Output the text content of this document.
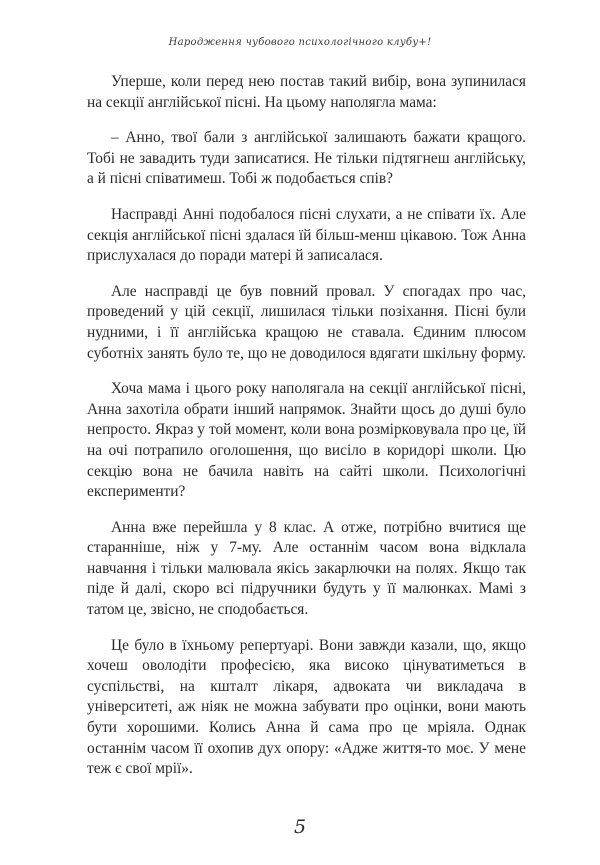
Народження чубового психологічного клубу+!

Уперше, коли перед нею постав такий вибір, вона зупинилася на секції англійської пісні. На цьому наполягла мама:

– Анно, твої бали з англійської залишають бажати кращого. Тобі не завадить туди записатися. Не тільки підтягнеш англійську, а й пісні співатимеш. Тобі ж подобається спів?

Насправді Анні подобалося пісні слухати, а не співати їх. Але секція англійської пісні здалася їй більш-менш цікавою. Тож Анна прислухалася до поради матері й записалася.

Але насправді це був повний провал. У спогадах про час, проведений у цій секції, лишилася тільки позіхання. Пісні були нудними, і її англійська кращою не ставала. Єдиним плюсом суботніх занять було те, що не доводилося вдягати шкільну форму.

Хоча мама і цього року наполягала на секції англійської пісні, Анна захотіла обрати інший напрямок. Знайти щось до душі було непросто. Якраз у той момент, коли вона розмірковувала про це, їй на очі потрапило оголошення, що висіло в коридорі школи. Цю секцію вона не бачила навіть на сайті школи. Психологічні експерименти?

Анна вже перейшла у 8 клас. А отже, потрібно вчитися ще старанніше, ніж у 7-му. Але останнім часом вона відклала навчання і тільки малювала якісь закарлючки на полях. Якщо так піде й далі, скоро всі підручники будуть у її малюнках. Мамі з татом це, звісно, не сподобається.

Це було в їхньому репертуарі. Вони завжди казали, що, якщо хочеш оволодіти професією, яка високо цінуватиметься в суспільстві, на кшталт лікаря, адвоката чи викладача в університеті, аж ніяк не можна забувати про оцінки, вони мають бути хорошими. Колись Анна й сама про це мріяла. Однак останнім часом її охопив дух опору: «Адже життя-то моє. У мене теж є свої мрії».

5
